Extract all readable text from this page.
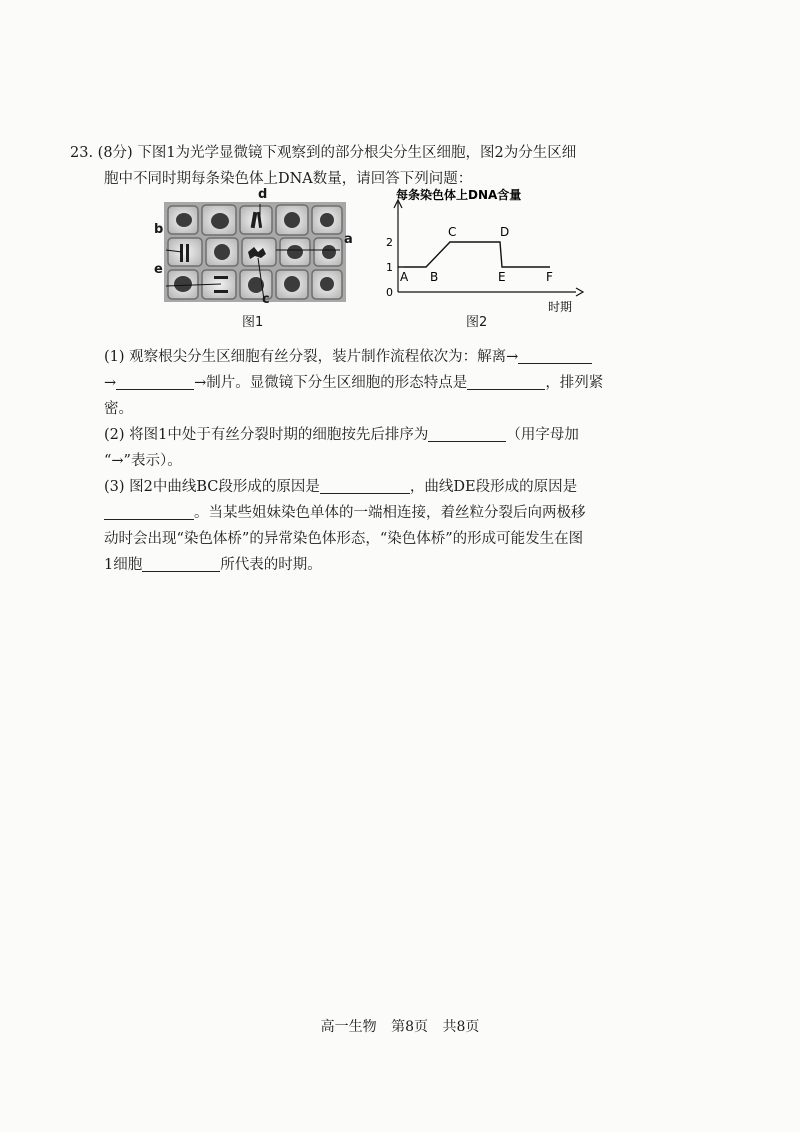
23. (8分) 下图1为光学显微镜下观察到的部分根尖分生区细胞，图2为分生区细
胞中不同时期每条染色体上DNA数量，请回答下列问题：
(1) 观察根尖分生区细胞有丝分裂，装片制作流程依次为：解离→
→	→制片。显微镜下分生区细胞的形态特点是	，排列紧
密。
(2) 将图1中处于有丝分裂时期的细胞按先后排序为	（用字母加
“→”表示）。
(3) 图2中曲线BC段形成的原因是	，曲线DE段形成的原因是
。当某些姐妹染色单体的一端相连接，着丝粒分裂后向两极移
动时会出现“染色体桥”的异常染色体形态，“染色体桥”的形成可能发生在图
1细胞	所代表的时期。
d
a
b
e
c
图1
每条染色体上DNA含量
时期
0
1
2
A B
C	D
E	F
图2
高一生物 第8页 共8页
